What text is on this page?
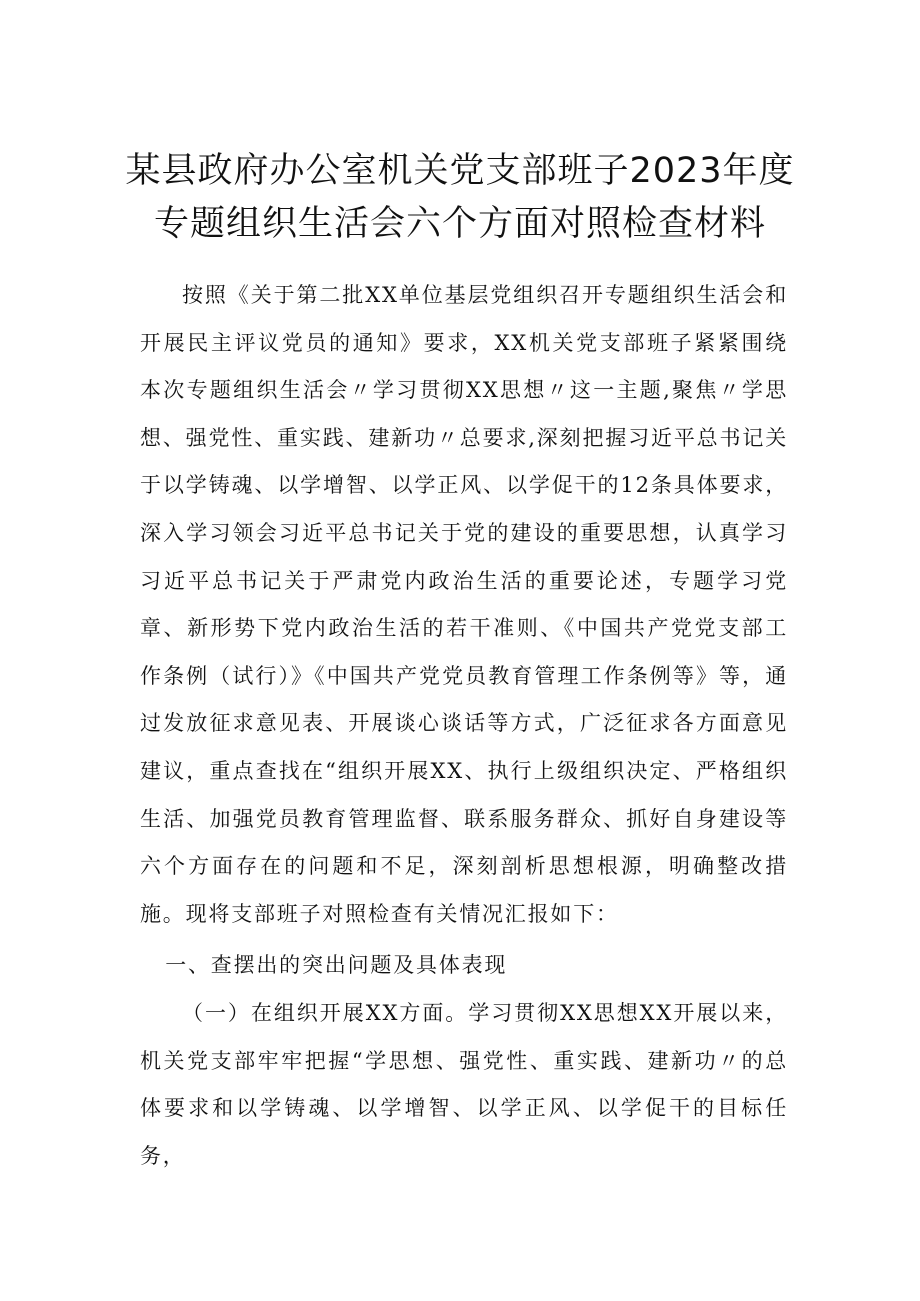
某县政府办公室机关党支部班子2023年度
专题组织生活会六个方面对照检查材料

按照《关于第二批XX单位基层党组织召开专题组织生活会和开展民主评议党员的通知》要求，XX机关党支部班子紧紧围绕本次专题组织生活会〃学习贯彻XX思想〃这一主题,聚焦〃学思想、强党性、重实践、建新功〃总要求,深刻把握习近平总书记关于以学铸魂、以学增智、以学正风、以学促干的12条具体要求，深入学习领会习近平总书记关于党的建设的重要思想，认真学习习近平总书记关于严肃党内政治生活的重要论述，专题学习党章、新形势下党内政治生活的若干准则、《中国共产党党支部工作条例（试行）》《中国共产党党员教育管理工作条例等》等，通过发放征求意见表、开展谈心谈话等方式，广泛征求各方面意见建议，重点查找在“组织开展XX、执行上级组织决定、严格组织生活、加强党员教育管理监督、联系服务群众、抓好自身建设等六个方面存在的问题和不足，深刻剖析思想根源，明确整改措施。现将支部班子对照检查有关情况汇报如下：

一、查摆出的突出问题及具体表现

（一）在组织开展XX方面。学习贯彻XX思想XX开展以来，机关党支部牢牢把握“学思想、强党性、重实践、建新功〃的总体要求和以学铸魂、以学增智、以学正风、以学促干的目标任务，
